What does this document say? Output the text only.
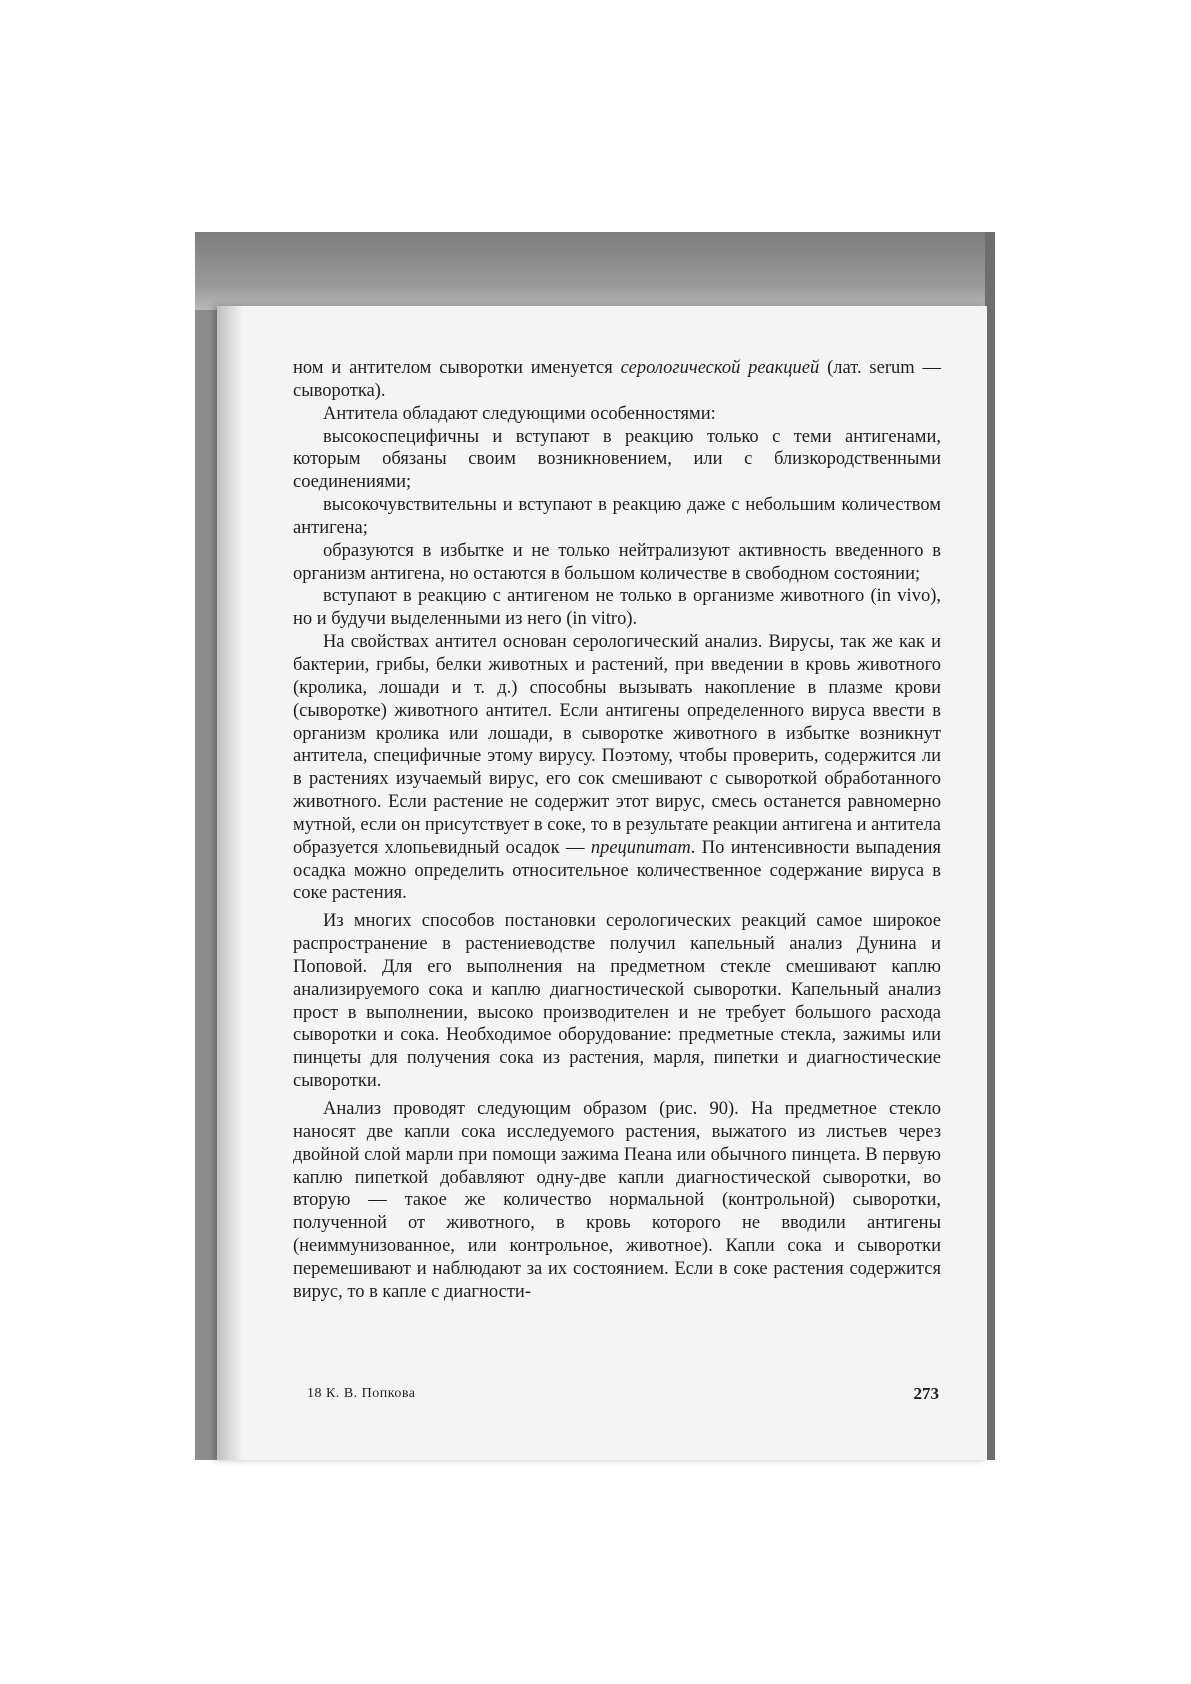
ном и антителом сыворотки именуется серологической реакцией (лат. serum — сыворотка).

Антитела обладают следующими особенностями:

высокоспецифичны и вступают в реакцию только с теми антигенами, которым обязаны своим возникновением, или с близкородственными соединениями;

высокочувствительны и вступают в реакцию даже с небольшим количеством антигена;

образуются в избытке и не только нейтрализуют активность введенного в организм антигена, но остаются в большом количестве в свободном состоянии;

вступают в реакцию с антигеном не только в организме животного (in vivo), но и будучи выделенными из него (in vitro).

На свойствах антител основан серологический анализ. Вирусы, так же как и бактерии, грибы, белки животных и растений, при введении в кровь животного (кролика, лошади и т. д.) способны вызывать накопление в плазме крови (сыворотке) животного антител. Если антигены определенного вируса ввести в организм кролика или лошади, в сыворотке животного в избытке возникнут антитела, специфичные этому вирусу. Поэтому, чтобы проверить, содержится ли в растениях изучаемый вирус, его сок смешивают с сывороткой обработанного животного. Если растение не содержит этот вирус, смесь останется равномерно мутной, если он присутствует в соке, то в результате реакции антигена и антитела образуется хлопьевидный осадок — преципитат. По интенсивности выпадения осадка можно определить относительное количественное содержание вируса в соке растения.

Из многих способов постановки серологических реакций самое широкое распространение в растениеводстве получил капельный анализ Дунина и Поповой. Для его выполнения на предметном стекле смешивают каплю анализируемого сока и каплю диагностической сыворотки. Капельный анализ прост в выполнении, высоко производителен и не требует большого расхода сыворотки и сока. Необходимое оборудование: предметные стекла, зажимы или пинцеты для получения сока из растения, марля, пипетки и диагностические сыворотки.

Анализ проводят следующим образом (рис. 90). На предметное стекло наносят две капли сока исследуемого растения, выжатого из листьев через двойной слой марли при помощи зажима Пеана или обычного пинцета. В первую каплю пипеткой добавляют одну-две капли диагностической сыворотки, во вторую — такое же количество нормальной (контрольной) сыворотки, полученной от животного, в кровь которого не вводили антигены (неиммунизованное, или контрольное, животное). Капли сока и сыворотки перемешивают и наблюдают за их состоянием. Если в соке растения содержится вирус, то в капле с диагности-

18 К. В. Попкова	273
